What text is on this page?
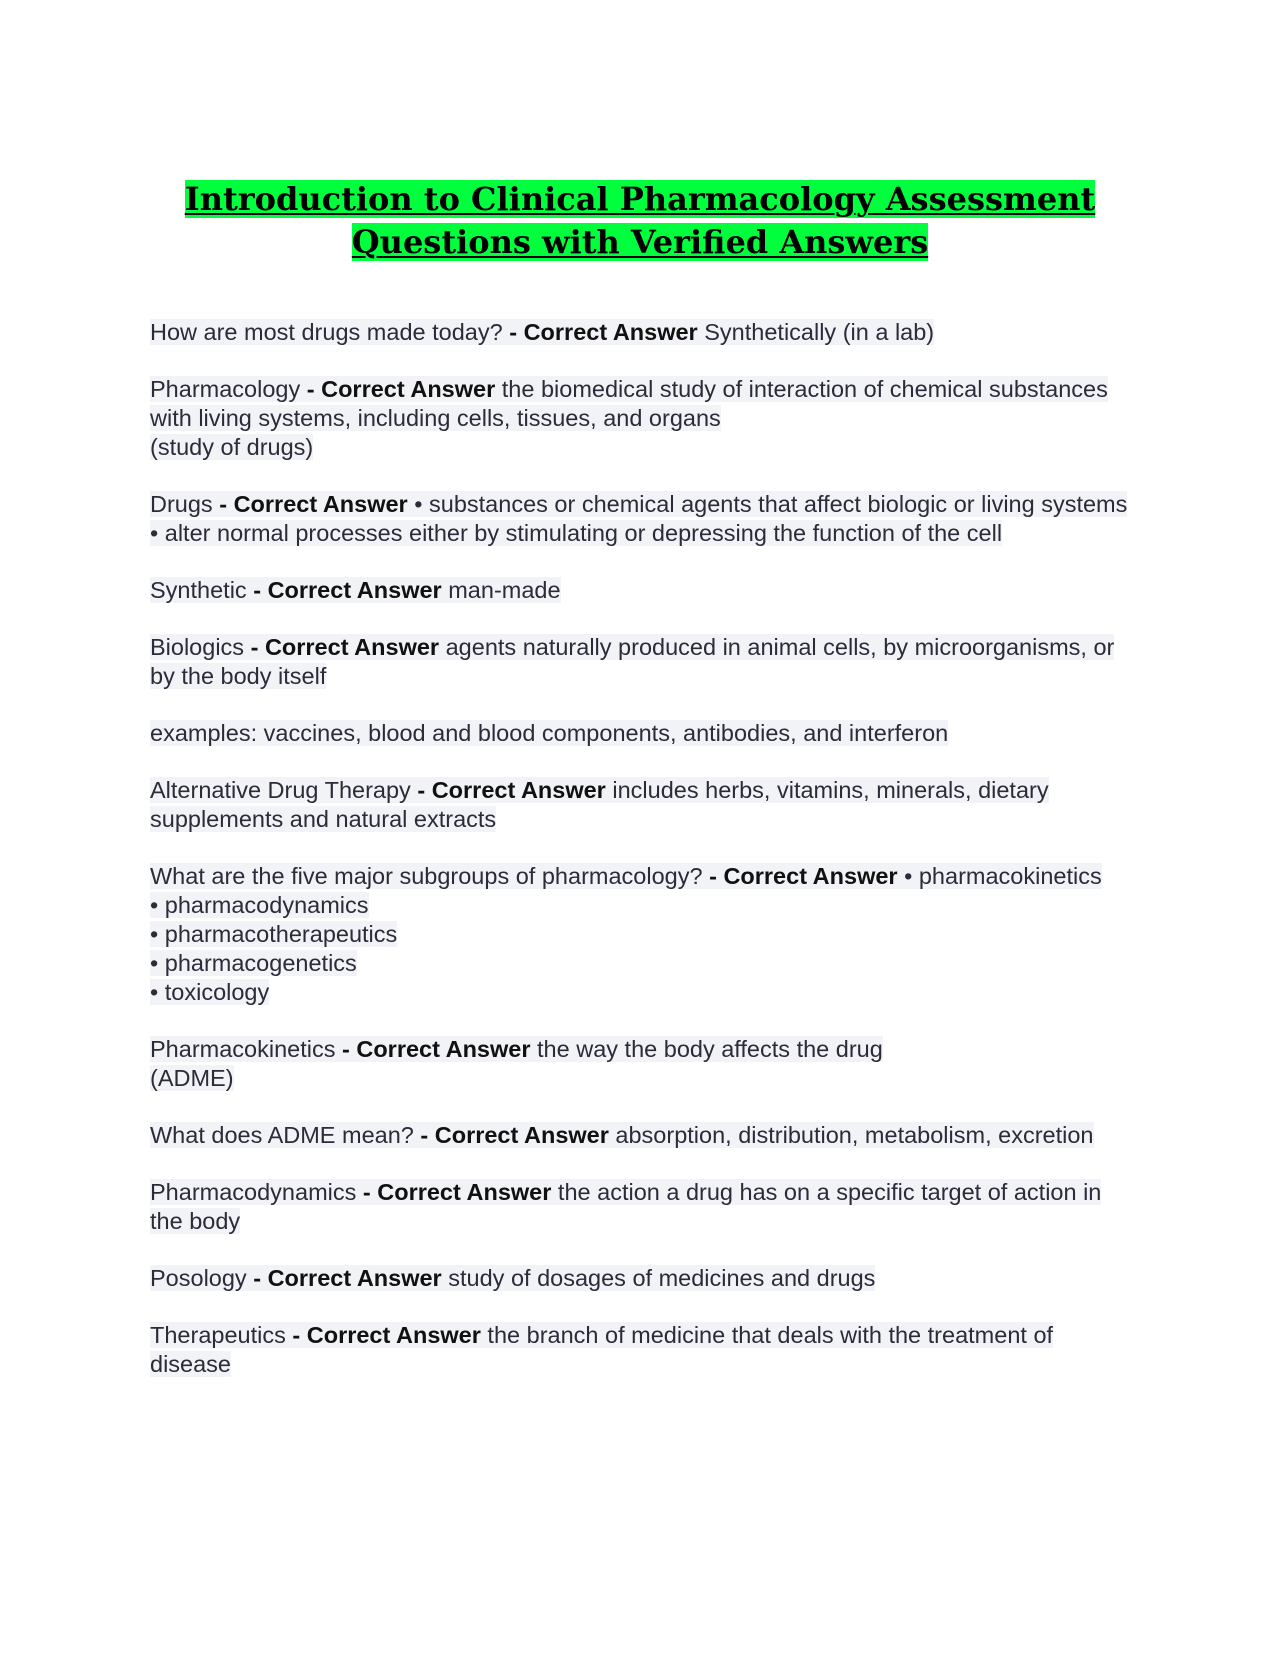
Introduction to Clinical Pharmacology Assessment
Questions with Verified Answers

How are most drugs made today? - Correct Answer Synthetically (in a lab)

Pharmacology - Correct Answer the biomedical study of interaction of chemical substances with living systems, including cells, tissues, and organs
(study of drugs)

Drugs - Correct Answer • substances or chemical agents that affect biologic or living systems
• alter normal processes either by stimulating or depressing the function of the cell

Synthetic - Correct Answer man-made

Biologics - Correct Answer agents naturally produced in animal cells, by microorganisms, or by the body itself

examples: vaccines, blood and blood components, antibodies, and interferon

Alternative Drug Therapy - Correct Answer includes herbs, vitamins, minerals, dietary supplements and natural extracts

What are the five major subgroups of pharmacology? - Correct Answer • pharmacokinetics
• pharmacodynamics
• pharmacotherapeutics
• pharmacogenetics
• toxicology

Pharmacokinetics - Correct Answer the way the body affects the drug
(ADME)

What does ADME mean? - Correct Answer absorption, distribution, metabolism, excretion

Pharmacodynamics - Correct Answer the action a drug has on a specific target of action in the body

Posology - Correct Answer study of dosages of medicines and drugs

Therapeutics - Correct Answer the branch of medicine that deals with the treatment of disease
